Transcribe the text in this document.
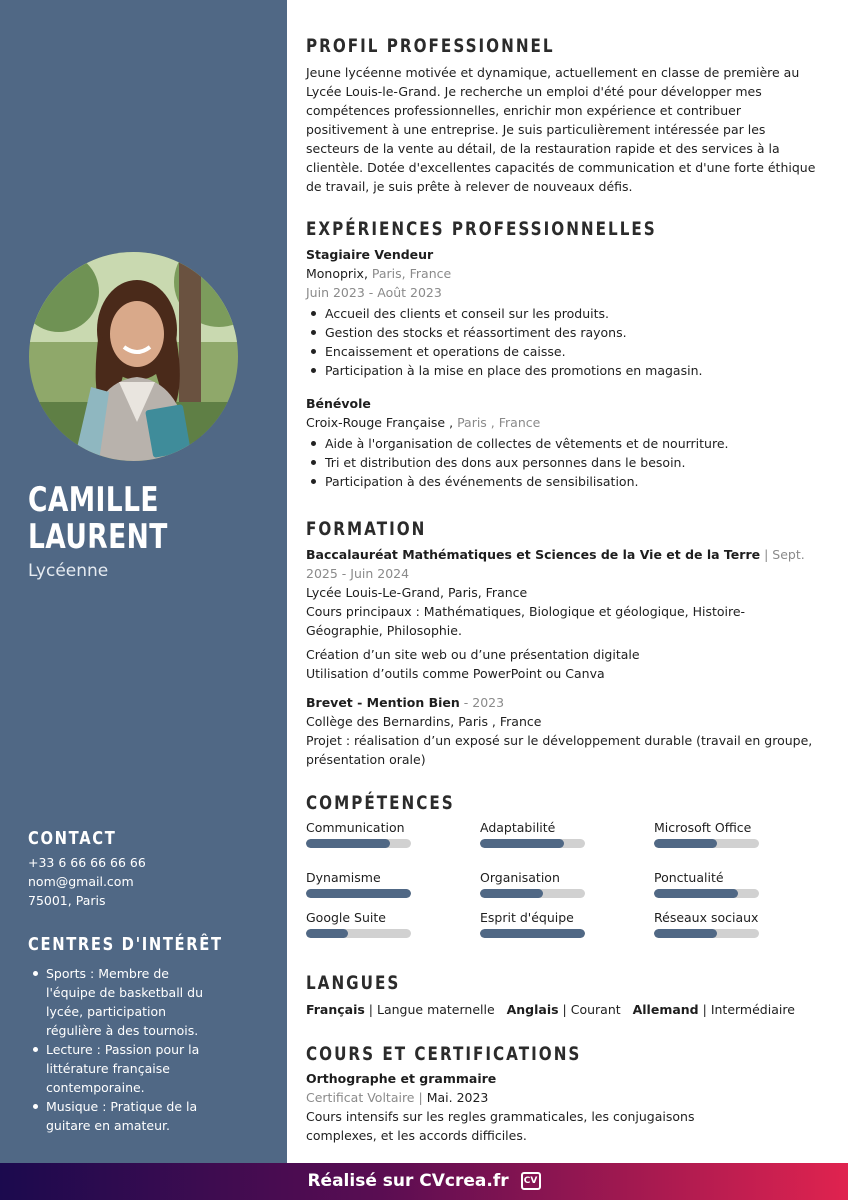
CAMILLE
LAURENT
Lycéenne
CONTACT
+33 6 66 66 66 66
nom@gmail.com
75001, Paris
CENTRES D'INTÉRÊT
Sports : Membre de l'équipe de basketball du lycée, participation régulière à des tournois.
Lecture : Passion pour la littérature française contemporaine.
Musique : Pratique de la guitare en amateur.
PROFIL PROFESSIONNEL
Jeune lycéenne motivée et dynamique, actuellement en classe de première au Lycée Louis-le-Grand. Je recherche un emploi d'été pour développer mes compétences professionnelles, enrichir mon expérience et contribuer positivement à une entreprise. Je suis particulièrement intéressée par les secteurs de la vente au détail, de la restauration rapide et des services à la clientèle. Dotée d'excellentes capacités de communication et d'une forte éthique de travail, je suis prête à relever de nouveaux défis.
EXPÉRIENCES PROFESSIONNELLES
Stagiaire Vendeur
Monoprix, Paris, France
Juin 2023 - Août 2023
Accueil des clients et conseil sur les produits.
Gestion des stocks et réassortiment des rayons.
Encaissement et operations de caisse.
Participation à la mise en place des promotions en magasin.
Bénévole
Croix-Rouge Française , Paris , France
Aide à l'organisation de collectes de vêtements et de nourriture.
Tri et distribution des dons aux personnes dans le besoin.
Participation à des événements de sensibilisation.
FORMATION
Baccalauréat Mathématiques et Sciences de la Vie et de la Terre | Sept. 2025 - Juin 2024
Lycée Louis-Le-Grand, Paris, France
Cours principaux : Mathématiques, Biologique et géologique, Histoire-Géographie, Philosophie.
Création d’un site web ou d’une présentation digitale
Utilisation d’outils comme PowerPoint ou Canva
Brevet - Mention Bien - 2023
Collège des Bernardins, Paris , France
Projet : réalisation d’un exposé sur le développement durable (travail en groupe, présentation orale)
COMPÉTENCES
Communication	Adaptabilité	Microsoft Office
Dynamisme	Organisation	Ponctualité
Google Suite	Esprit d'équipe	Réseaux sociaux
LANGUES
Français | Langue maternelle Anglais | Courant Allemand | Intermédiaire
COURS ET CERTIFICATIONS
Orthographe et grammaire
Certificat Voltaire | Mai. 2023
Cours intensifs sur les regles grammaticales, les conjugaisons
complexes, et les accords difficiles.
Réalisé sur CVcrea.fr CV
